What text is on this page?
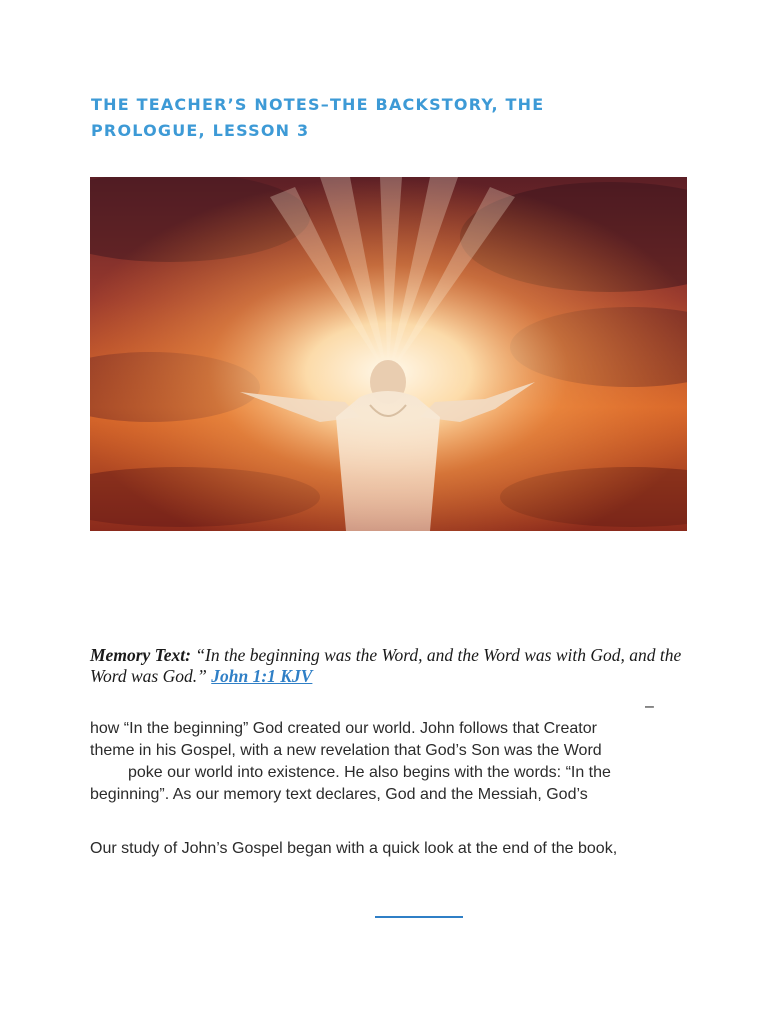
THE TEACHER’S NOTES–THE BACKSTORY, THE PROLOGUE, LESSON 3
Memory Text: “In the beginning was the Word, and the Word was with God, and the Word was God.” John 1:1 KJV
–
how “In the beginning” God created our world. John follows that Creator
theme in his Gospel, with a new revelation that God’s Son was the Word
poke our world into existence. He also begins with the words: “In the
beginning”. As our memory text declares, God and the Messiah, God’s
Our study of John’s Gospel began with a quick look at the end of the book,
